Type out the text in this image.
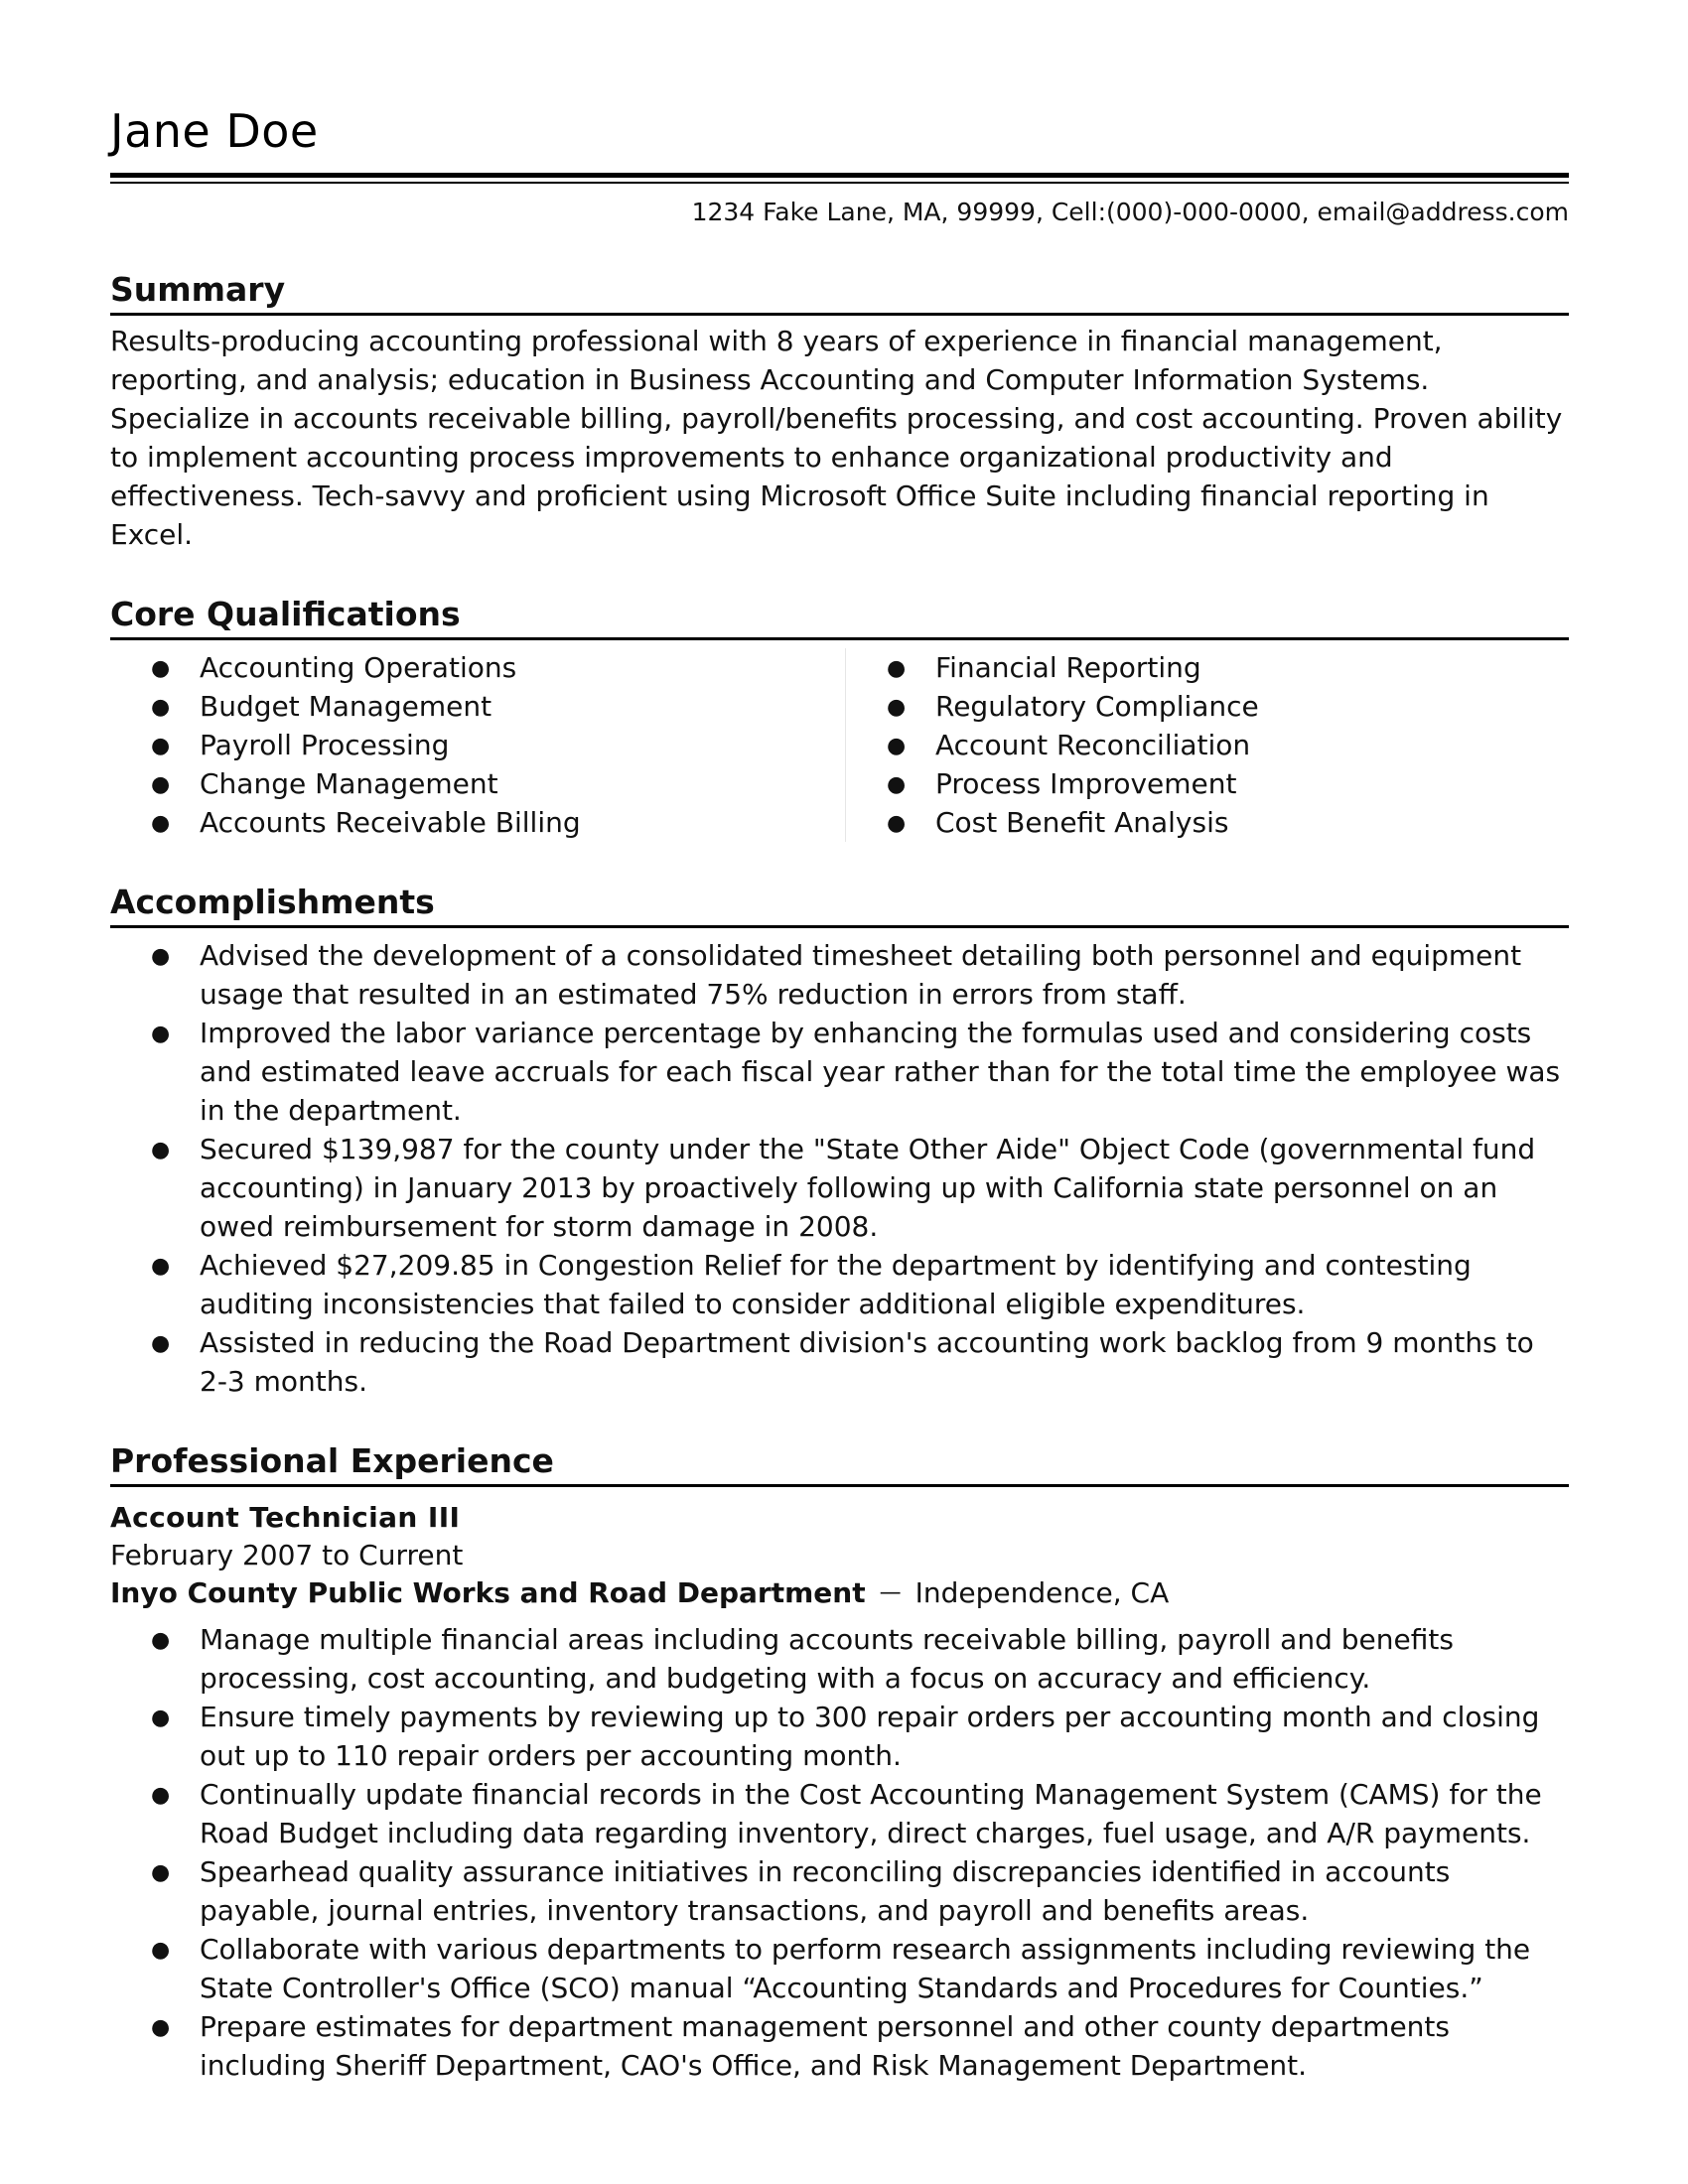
Jane Doe
1234 Fake Lane, MA, 99999, Cell:(000)-000-0000, email@address.com
Summary

Results-producing accounting professional with 8 years of experience in financial management, reporting, and analysis; education in Business Accounting and Computer Information Systems. Specialize in accounts receivable billing, payroll/benefits processing, and cost accounting. Proven ability to implement accounting process improvements to enhance organizational productivity and effectiveness. Tech-savvy and proficient using Microsoft Office Suite including financial reporting in Excel.

Core Qualifications
● Accounting Operations
● Budget Management
● Payroll Processing
● Change Management
● Accounts Receivable Billing
● Financial Reporting
● Regulatory Compliance
● Account Reconciliation
● Process Improvement
● Cost Benefit Analysis
Accomplishments
● Advised the development of a consolidated timesheet detailing both personnel and equipment usage that resulted in an estimated 75% reduction in errors from staff.
● Improved the labor variance percentage by enhancing the formulas used and considering costs and estimated leave accruals for each fiscal year rather than for the total time the employee was in the department.
● Secured $139,987 for the county under the "State Other Aide" Object Code (governmental fund accounting) in January 2013 by proactively following up with California state personnel on an owed reimbursement for storm damage in 2008.
● Achieved $27,209.85 in Congestion Relief for the department by identifying and contesting auditing inconsistencies that failed to consider additional eligible expenditures.
● Assisted in reducing the Road Department division's accounting work backlog from 9 months to 2-3 months.
Professional Experience
Account Technician III
February 2007 to Current
Inyo County Public Works and Road Department — Independence, CA
● Manage multiple financial areas including accounts receivable billing, payroll and benefits processing, cost accounting, and budgeting with a focus on accuracy and efficiency.
● Ensure timely payments by reviewing up to 300 repair orders per accounting month and closing out up to 110 repair orders per accounting month.
● Continually update financial records in the Cost Accounting Management System (CAMS) for the Road Budget including data regarding inventory, direct charges, fuel usage, and A/R payments.
● Spearhead quality assurance initiatives in reconciling discrepancies identified in accounts payable, journal entries, inventory transactions, and payroll and benefits areas.
● Collaborate with various departments to perform research assignments including reviewing the State Controller's Office (SCO) manual “Accounting Standards and Procedures for Counties.”
● Prepare estimates for department management personnel and other county departments including Sheriff Department, CAO's Office, and Risk Management Department.
